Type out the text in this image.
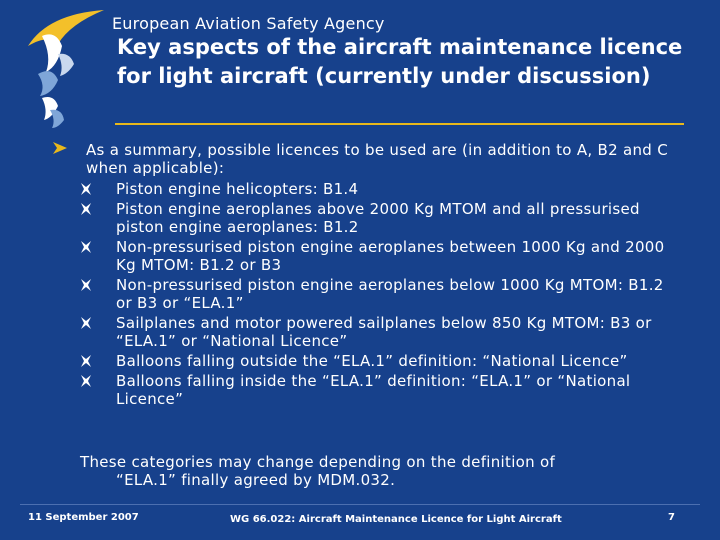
European Aviation Safety Agency
Key aspects of the aircraft maintenance licence for light aircraft (currently under discussion)
As a summary, possible licences to be used are (in addition to A, B2 and C when applicable):
Piston engine helicopters: B1.4
Piston engine aeroplanes above 2000 Kg MTOM and all pressurised piston engine aeroplanes: B1.2
Non-pressurised piston engine aeroplanes between 1000 Kg and 2000 Kg MTOM: B1.2 or B3
Non-pressurised piston engine aeroplanes below 1000 Kg MTOM: B1.2 or B3 or “ELA.1”
Sailplanes and motor powered sailplanes below 850 Kg MTOM: B3 or “ELA.1” or “National Licence”
Balloons falling outside the “ELA.1” definition: “National Licence”
Balloons falling inside the “ELA.1” definition: “ELA.1” or “National Licence”
These categories may change depending on the definition of
“ELA.1” finally agreed by MDM.032.
11 September 2007	WG 66.022: Aircraft Maintenance Licence for Light Aircraft	7
